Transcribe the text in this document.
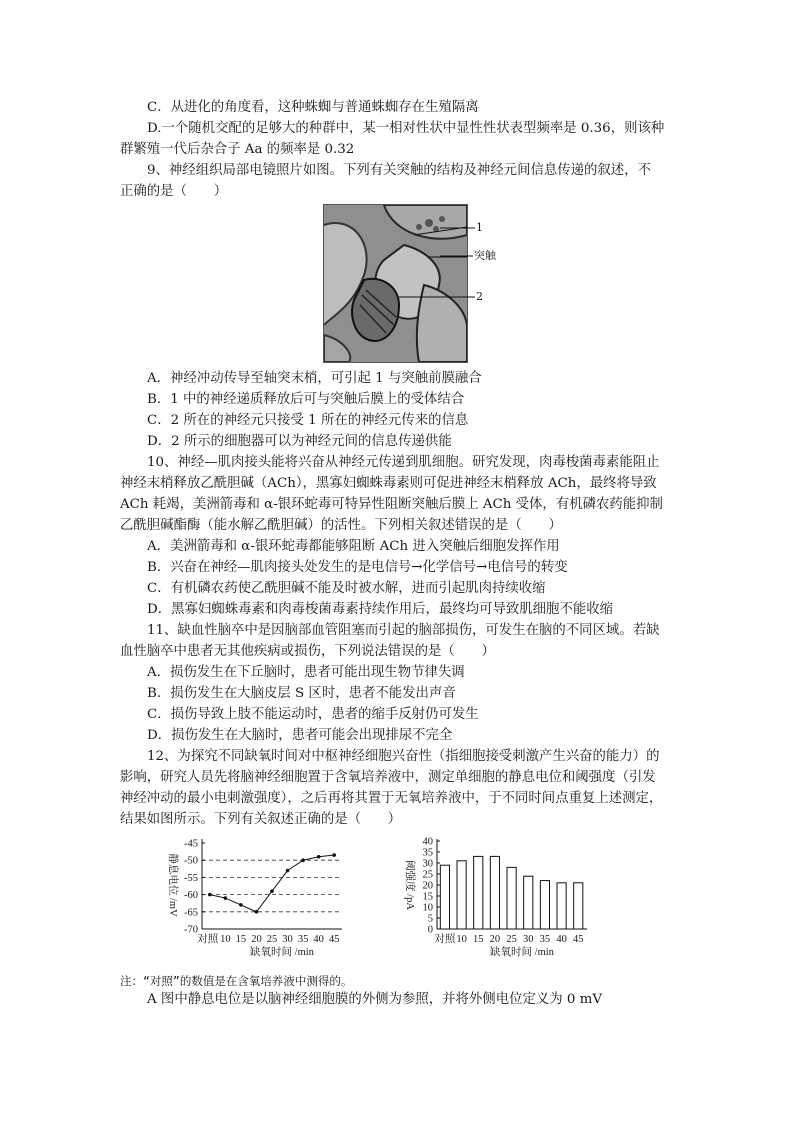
C．从进化的角度看，这种蛛蜘与普通蛛蜘存在生殖隔离
D.一个随机交配的足够大的种群中，某一相对性状中显性性状表型频率是 0.36，则该种
群繁殖一代后杂合子 Aa 的频率是 0.32
9、神经组织局部电镜照片如图。下列有关突触的结构及神经元间信息传递的叙述，不
正确的是（　　）
1
突触
2
A．神经冲动传导至轴突末梢，可引起 1 与突触前膜融合
B．1 中的神经递质释放后可与突触后膜上的受体结合
C．2 所在的神经元只接受 1 所在的神经元传来的信息
D．2 所示的细胞器可以为神经元间的信息传递供能
10、神经—肌肉接头能将兴奋从神经元传递到肌细胞。研究发现，肉毒梭菌毒素能阻止
神经末梢释放乙酰胆碱（ACh），黑寡妇蜘蛛毒素则可促进神经末梢释放 ACh，最终将导致
ACh 耗竭，美洲箭毒和 α-银环蛇毒可特异性阻断突触后膜上 ACh 受体，有机磷农药能抑制
乙酰胆碱酯酶（能水解乙酰胆碱）的活性。下列相关叙述错误的是（　　）
A．美洲箭毒和 α-银环蛇毒都能够阻断 ACh 进入突触后细胞发挥作用
B．兴奋在神经—肌肉接头处发生的是电信号→化学信号→电信号的转变
C．有机磷农药使乙酰胆碱不能及时被水解，进而引起肌肉持续收缩
D．黑寡妇蜘蛛毒素和肉毒梭菌毒素持续作用后，最终均可导致肌细胞不能收缩
11、缺血性脑卒中是因脑部血管阻塞而引起的脑部损伤，可发生在脑的不同区域。若缺
血性脑卒中患者无其他疾病或损伤，下列说法错误的是（　　）
A．损伤发生在下丘脑时，患者可能出现生物节律失调
B．损伤发生在大脑皮层 S 区时，患者不能发出声音
C．损伤导致上肢不能运动时，患者的缩手反射仍可发生
D．损伤发生在大脑时，患者可能会出现排尿不完全
12、为探究不同缺氧时间对中枢神经细胞兴奋性（指细胞接受刺激产生兴奋的能力）的
影响，研究人员先将脑神经细胞置于含氧培养液中，测定单细胞的静息电位和阈强度（引发
神经冲动的最小电刺激强度），之后再将其置于无氧培养液中，于不同时间点重复上述测定，
结果如图所示。下列有关叙述正确的是（　　）
-45
-50
-55
-60
-65
-70
对照 10 15 20 25 30 35 40 45
静息电位 /mV
缺氧时间 /min
0
5
10
15
20
25
30
35
40
对照 10 15 20 25 30 35 40 45
阈强度 /pA
缺氧时间 /min
注：“对照”的数值是在含氧培养液中测得的。
A 图中静息电位是以脑神经细胞膜的外侧为参照，并将外侧电位定义为 0 mV
